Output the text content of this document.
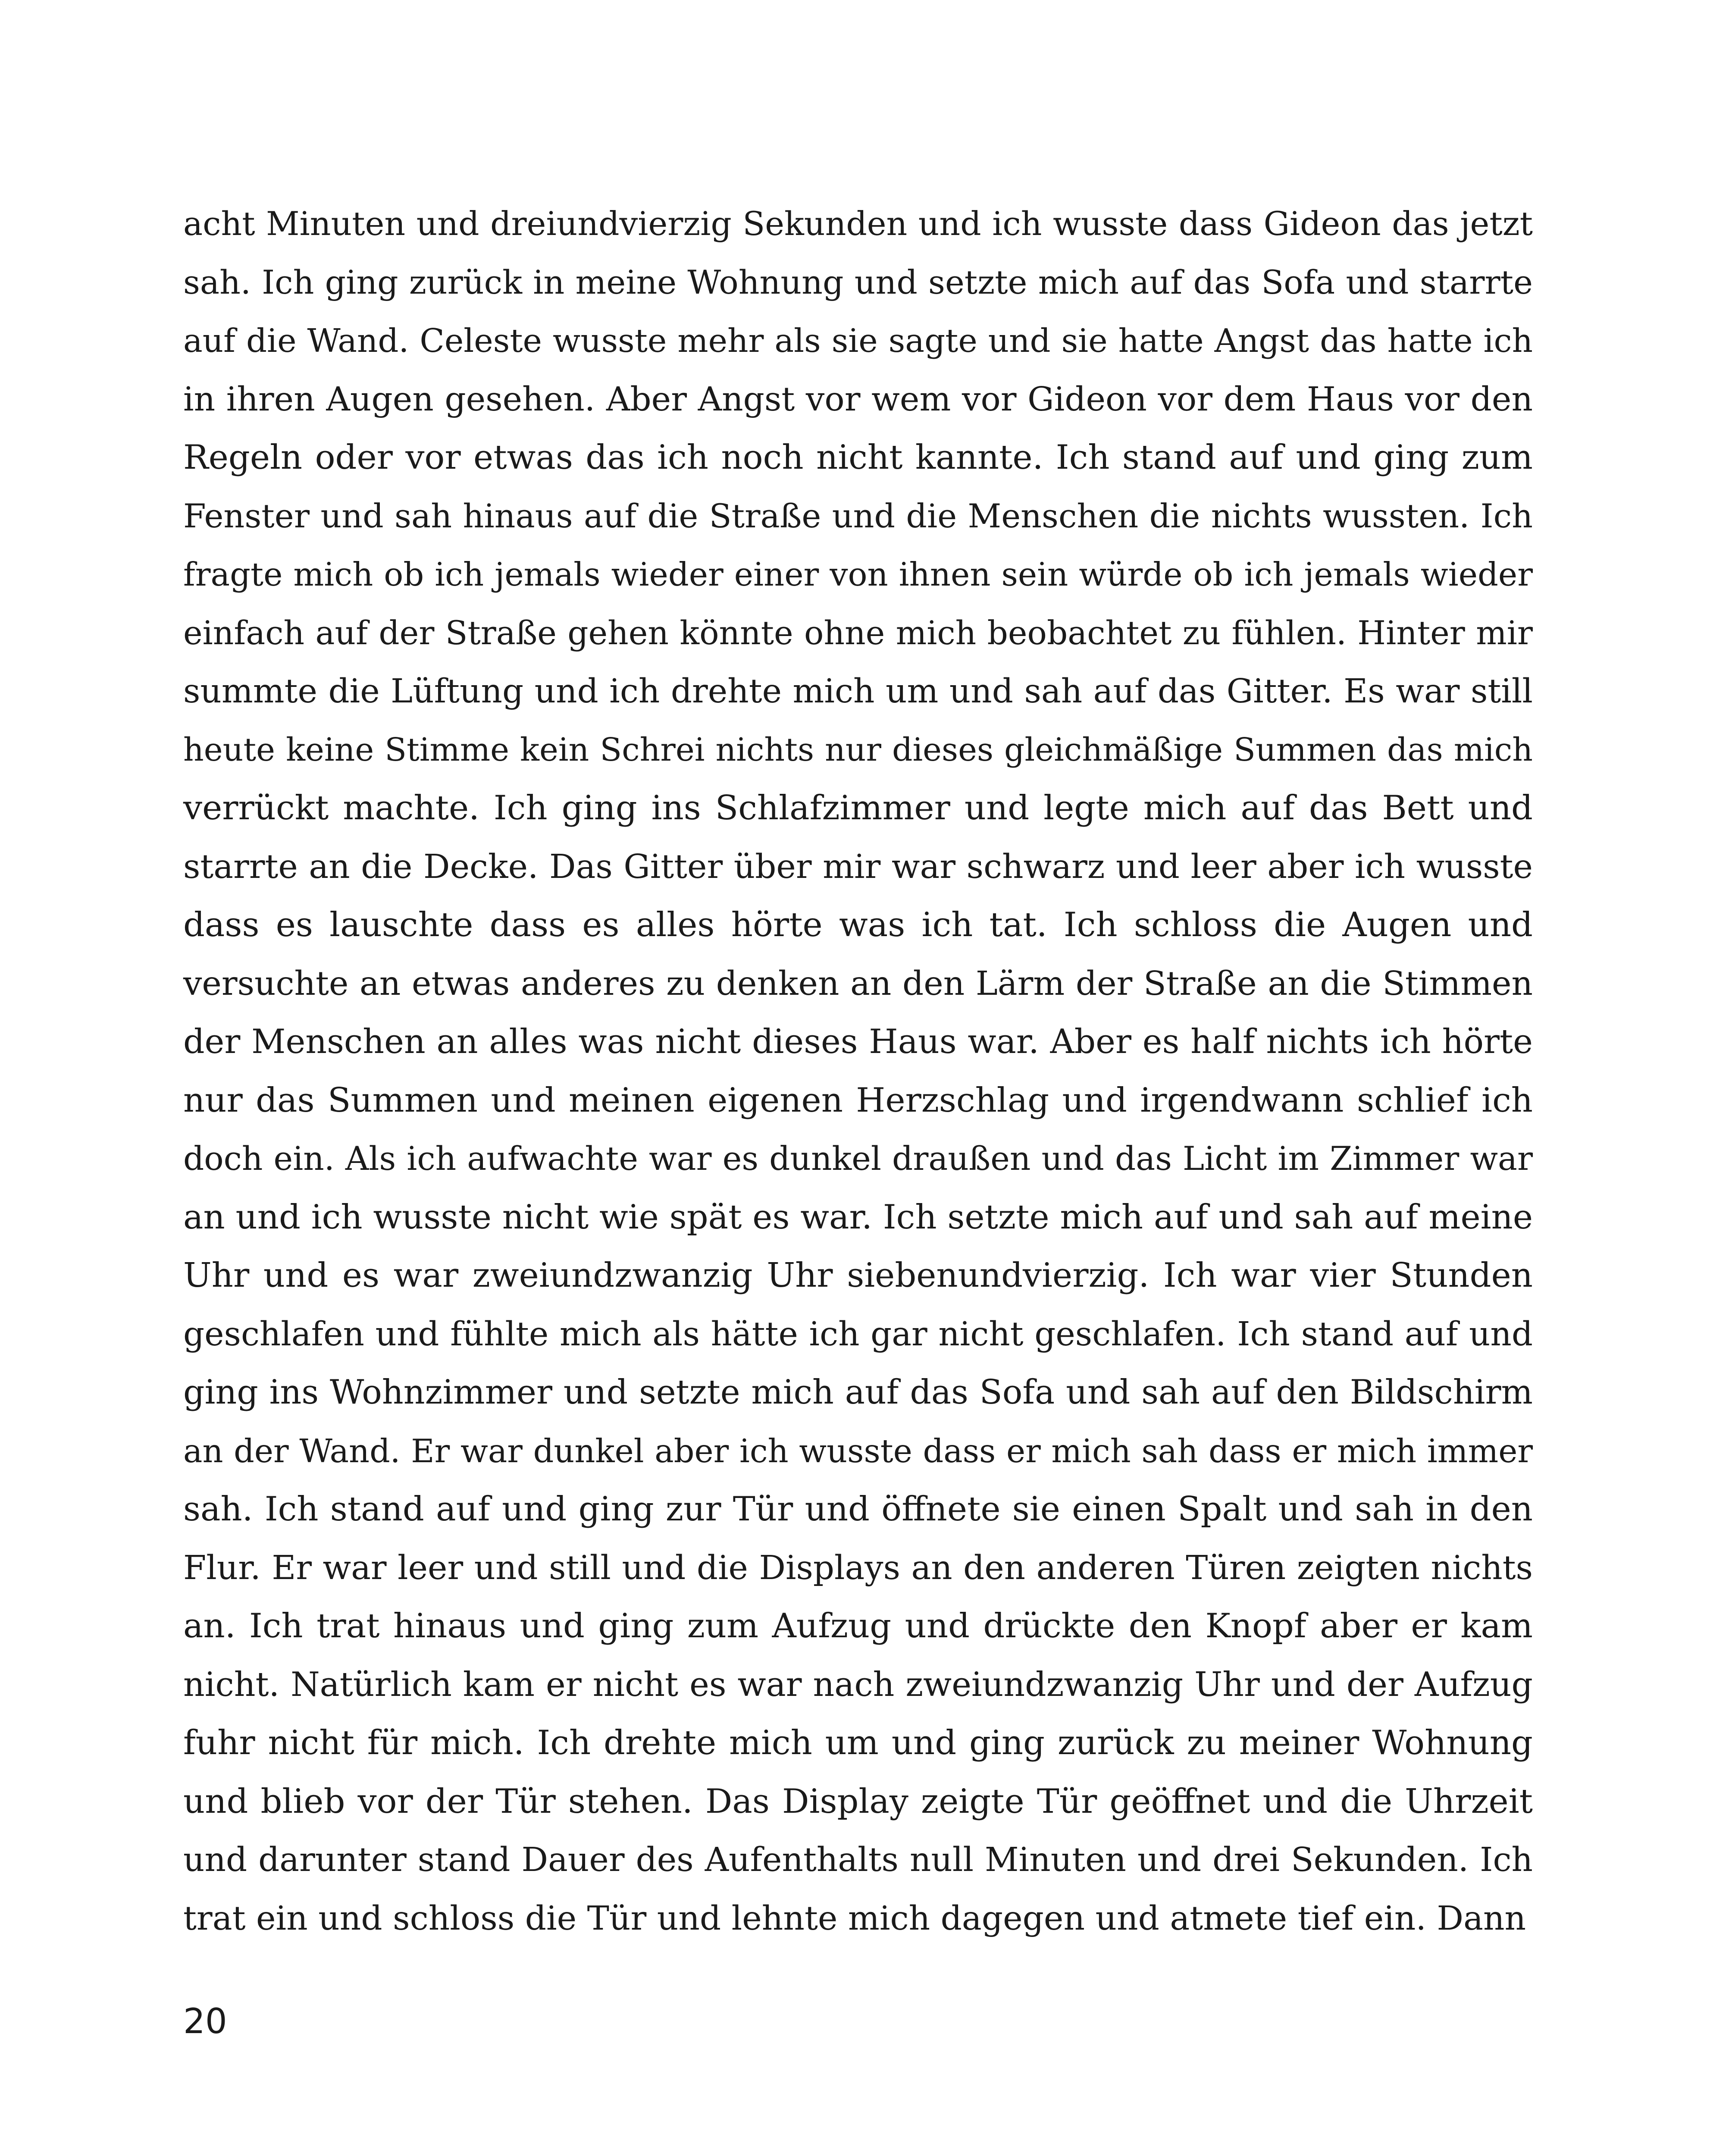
acht Minuten und dreiundvierzig Sekunden und ich wusste dass Gideon das jetzt
sah. Ich ging zurück in meine Wohnung und setzte mich auf das Sofa und starrte
auf die Wand. Celeste wusste mehr als sie sagte und sie hatte Angst das hatte ich
in ihren Augen gesehen. Aber Angst vor wem vor Gideon vor dem Haus vor den
Regeln oder vor etwas das ich noch nicht kannte. Ich stand auf und ging zum
Fenster und sah hinaus auf die Straße und die Menschen die nichts wussten. Ich
fragte mich ob ich jemals wieder einer von ihnen sein würde ob ich jemals wieder
einfach auf der Straße gehen könnte ohne mich beobachtet zu fühlen. Hinter mir
summte die Lüftung und ich drehte mich um und sah auf das Gitter. Es war still
heute keine Stimme kein Schrei nichts nur dieses gleichmäßige Summen das mich
verrückt machte. Ich ging ins Schlafzimmer und legte mich auf das Bett und
starrte an die Decke. Das Gitter über mir war schwarz und leer aber ich wusste
dass es lauschte dass es alles hörte was ich tat. Ich schloss die Augen und
versuchte an etwas anderes zu denken an den Lärm der Straße an die Stimmen
der Menschen an alles was nicht dieses Haus war. Aber es half nichts ich hörte
nur das Summen und meinen eigenen Herzschlag und irgendwann schlief ich
doch ein. Als ich aufwachte war es dunkel draußen und das Licht im Zimmer war
an und ich wusste nicht wie spät es war. Ich setzte mich auf und sah auf meine
Uhr und es war zweiundzwanzig Uhr siebenundvierzig. Ich war vier Stunden
geschlafen und fühlte mich als hätte ich gar nicht geschlafen. Ich stand auf und
ging ins Wohnzimmer und setzte mich auf das Sofa und sah auf den Bildschirm
an der Wand. Er war dunkel aber ich wusste dass er mich sah dass er mich immer
sah. Ich stand auf und ging zur Tür und öffnete sie einen Spalt und sah in den
Flur. Er war leer und still und die Displays an den anderen Türen zeigten nichts
an. Ich trat hinaus und ging zum Aufzug und drückte den Knopf aber er kam
nicht. Natürlich kam er nicht es war nach zweiundzwanzig Uhr und der Aufzug
fuhr nicht für mich. Ich drehte mich um und ging zurück zu meiner Wohnung
und blieb vor der Tür stehen. Das Display zeigte Tür geöffnet und die Uhrzeit
und darunter stand Dauer des Aufenthalts null Minuten und drei Sekunden. Ich
trat ein und schloss die Tür und lehnte mich dagegen und atmete tief ein. Dann
20
